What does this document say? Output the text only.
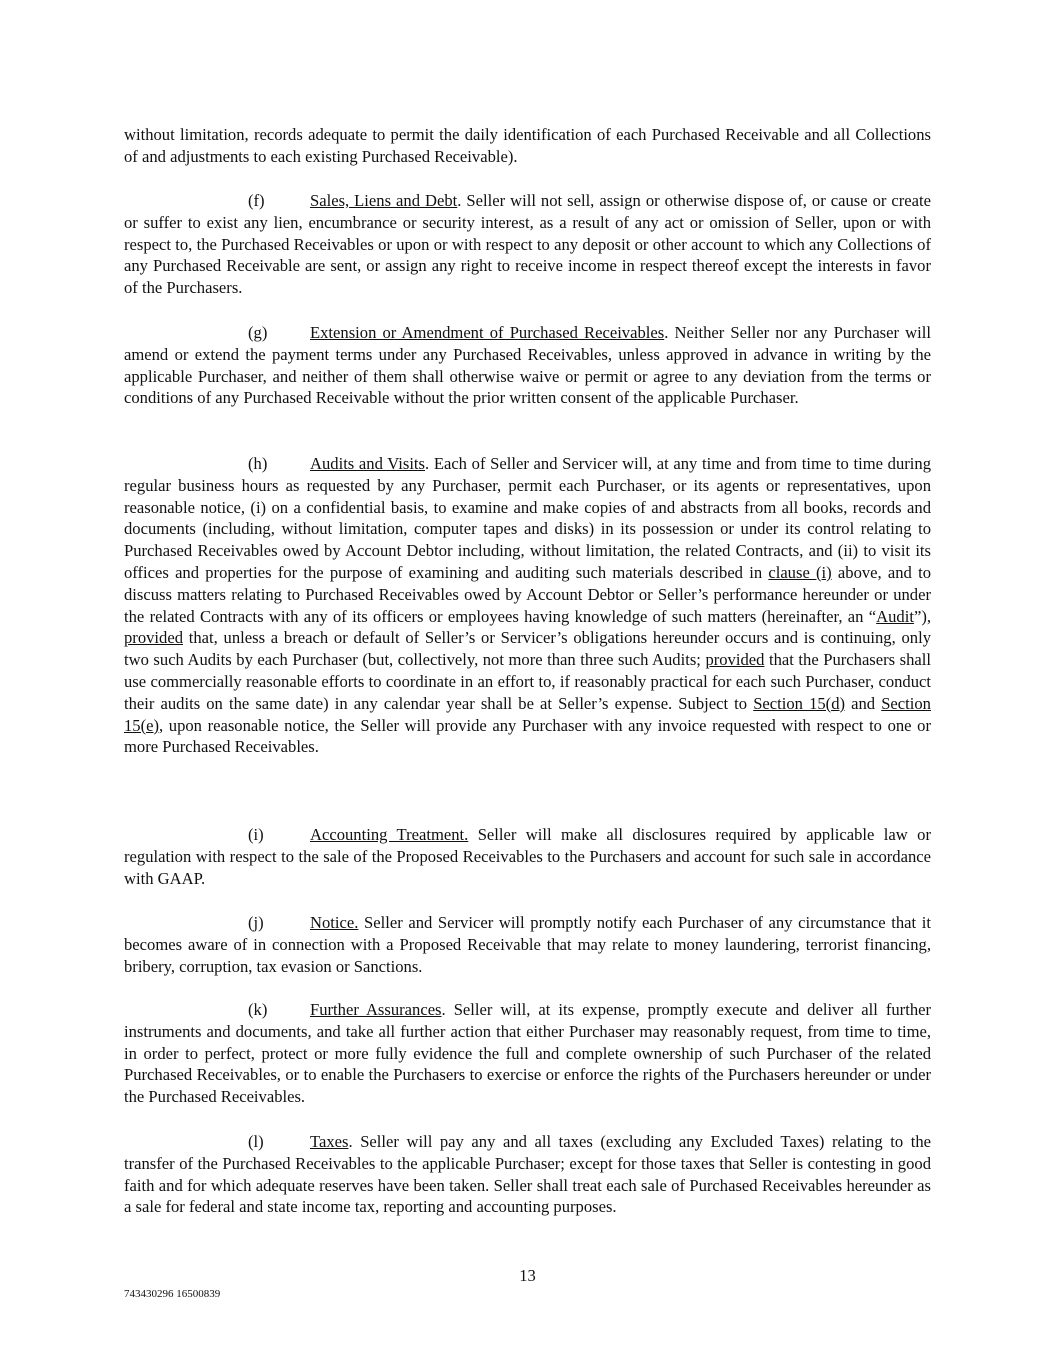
without limitation, records adequate to permit the daily identification of each Purchased Receivable and all Collections of and adjustments to each existing Purchased Receivable).

(f)	Sales, Liens and Debt. Seller will not sell, assign or otherwise dispose of, or cause or create or suffer to exist any lien, encumbrance or security interest, as a result of any act or omission of Seller, upon or with respect to, the Purchased Receivables or upon or with respect to any deposit or other account to which any Collections of any Purchased Receivable are sent, or assign any right to receive income in respect thereof except the interests in favor of the Purchasers.

(g)	Extension or Amendment of Purchased Receivables. Neither Seller nor any Purchaser will amend or extend the payment terms under any Purchased Receivables, unless approved in advance in writing by the applicable Purchaser, and neither of them shall otherwise waive or permit or agree to any deviation from the terms or conditions of any Purchased Receivable without the prior written consent of the applicable Purchaser.

(h)	Audits and Visits. Each of Seller and Servicer will, at any time and from time to time during regular business hours as requested by any Purchaser, permit each Purchaser, or its agents or representatives, upon reasonable notice, (i) on a confidential basis, to examine and make copies of and abstracts from all books, records and documents (including, without limitation, computer tapes and disks) in its possession or under its control relating to Purchased Receivables owed by Account Debtor including, without limitation, the related Contracts, and (ii) to visit its offices and properties for the purpose of examining and auditing such materials described in clause (i) above, and to discuss matters relating to Purchased Receivables owed by Account Debtor or Seller’s performance hereunder or under the related Contracts with any of its officers or employees having knowledge of such matters (hereinafter, an “Audit”), provided that, unless a breach or default of Seller’s or Servicer’s obligations hereunder occurs and is continuing, only two such Audits by each Purchaser (but, collectively, not more than three such Audits; provided that the Purchasers shall use commercially reasonable efforts to coordinate in an effort to, if reasonably practical for each such Purchaser, conduct their audits on the same date) in any calendar year shall be at Seller’s expense. Subject to Section 15(d) and Section 15(e), upon reasonable notice, the Seller will provide any Purchaser with any invoice requested with respect to one or more Purchased Receivables.

(i)	Accounting Treatment. Seller will make all disclosures required by applicable law or regulation with respect to the sale of the Proposed Receivables to the Purchasers and account for such sale in accordance with GAAP.

(j)	Notice. Seller and Servicer will promptly notify each Purchaser of any circumstance that it becomes aware of in connection with a Proposed Receivable that may relate to money laundering, terrorist financing, bribery, corruption, tax evasion or Sanctions.

(k)	Further Assurances. Seller will, at its expense, promptly execute and deliver all further instruments and documents, and take all further action that either Purchaser may reasonably request, from time to time, in order to perfect, protect or more fully evidence the full and complete ownership of such Purchaser of the related Purchased Receivables, or to enable the Purchasers to exercise or enforce the rights of the Purchasers hereunder or under the Purchased Receivables.

(l)	Taxes. Seller will pay any and all taxes (excluding any Excluded Taxes) relating to the transfer of the Purchased Receivables to the applicable Purchaser; except for those taxes that Seller is contesting in good faith and for which adequate reserves have been taken. Seller shall treat each sale of Purchased Receivables hereunder as a sale for federal and state income tax, reporting and accounting purposes.

13
743430296 16500839
